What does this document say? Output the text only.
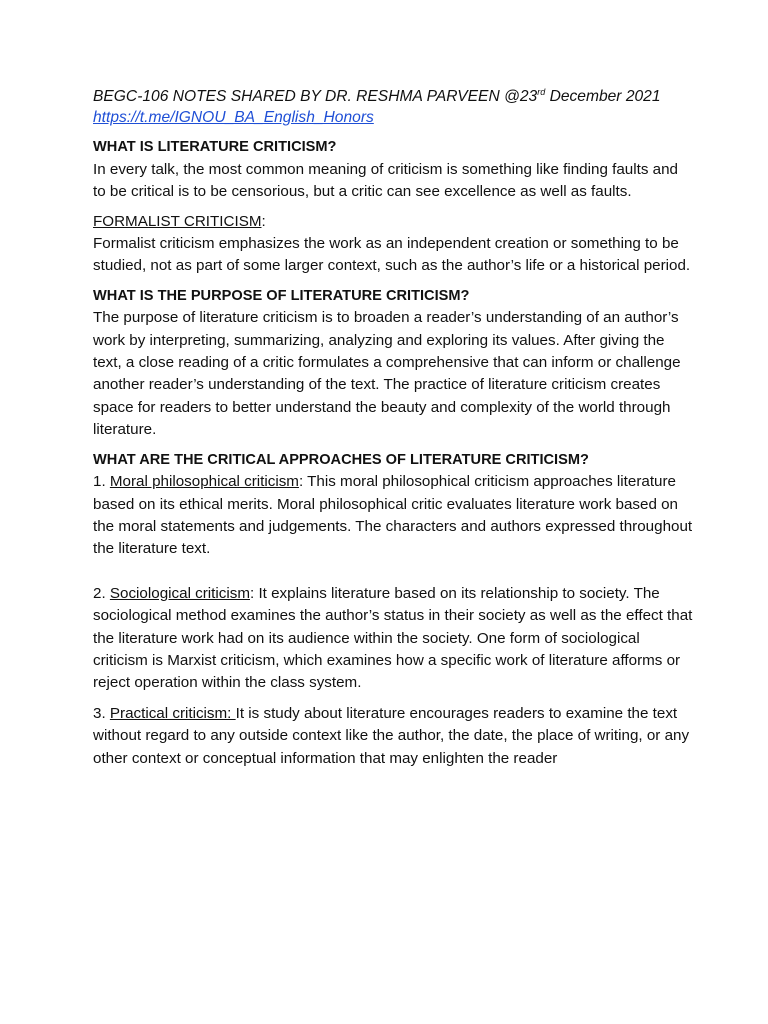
BEGC-106 NOTES SHARED BY DR. RESHMA PARVEEN @23rd December 2021
https://t.me/IGNOU_BA_English_Honors
WHAT IS LITERATURE CRITICISM?

In every talk, the most common meaning of criticism is something like finding faults and to be critical is to be censorious, but a critic can see excellence as well as faults.

FORMALIST CRITICISM:

Formalist criticism emphasizes the work as an independent creation or something to be studied, not as part of some larger context, such as the author’s life or a historical period.

WHAT IS THE PURPOSE OF LITERATURE CRITICISM?

The purpose of literature criticism is to broaden a reader’s understanding of an author’s work by interpreting, summarizing, analyzing and exploring its values. After giving the text, a close reading of a critic formulates a comprehensive that can inform or challenge another reader’s understanding of the text. The practice of literature criticism creates space for readers to better understand the beauty and complexity of the world through literature.

WHAT ARE THE CRITICAL APPROACHES OF LITERATURE CRITICISM?

1. Moral philosophical criticism: This moral philosophical criticism approaches literature based on its ethical merits. Moral philosophical critic evaluates literature work based on the moral statements and judgements. The characters and authors expressed throughout the literature text.

2. Sociological criticism: It explains literature based on its relationship to society. The sociological method examines the author’s status in their society as well as the effect that the literature work had on its audience within the society. One form of sociological criticism is Marxist criticism, which examines how a specific work of literature afforms or reject operation within the class system.

3. Practical criticism: It is study about literature encourages readers to examine the text without regard to any outside context like the author, the date, the place of writing, or any other context or conceptual information that may enlighten the reader
